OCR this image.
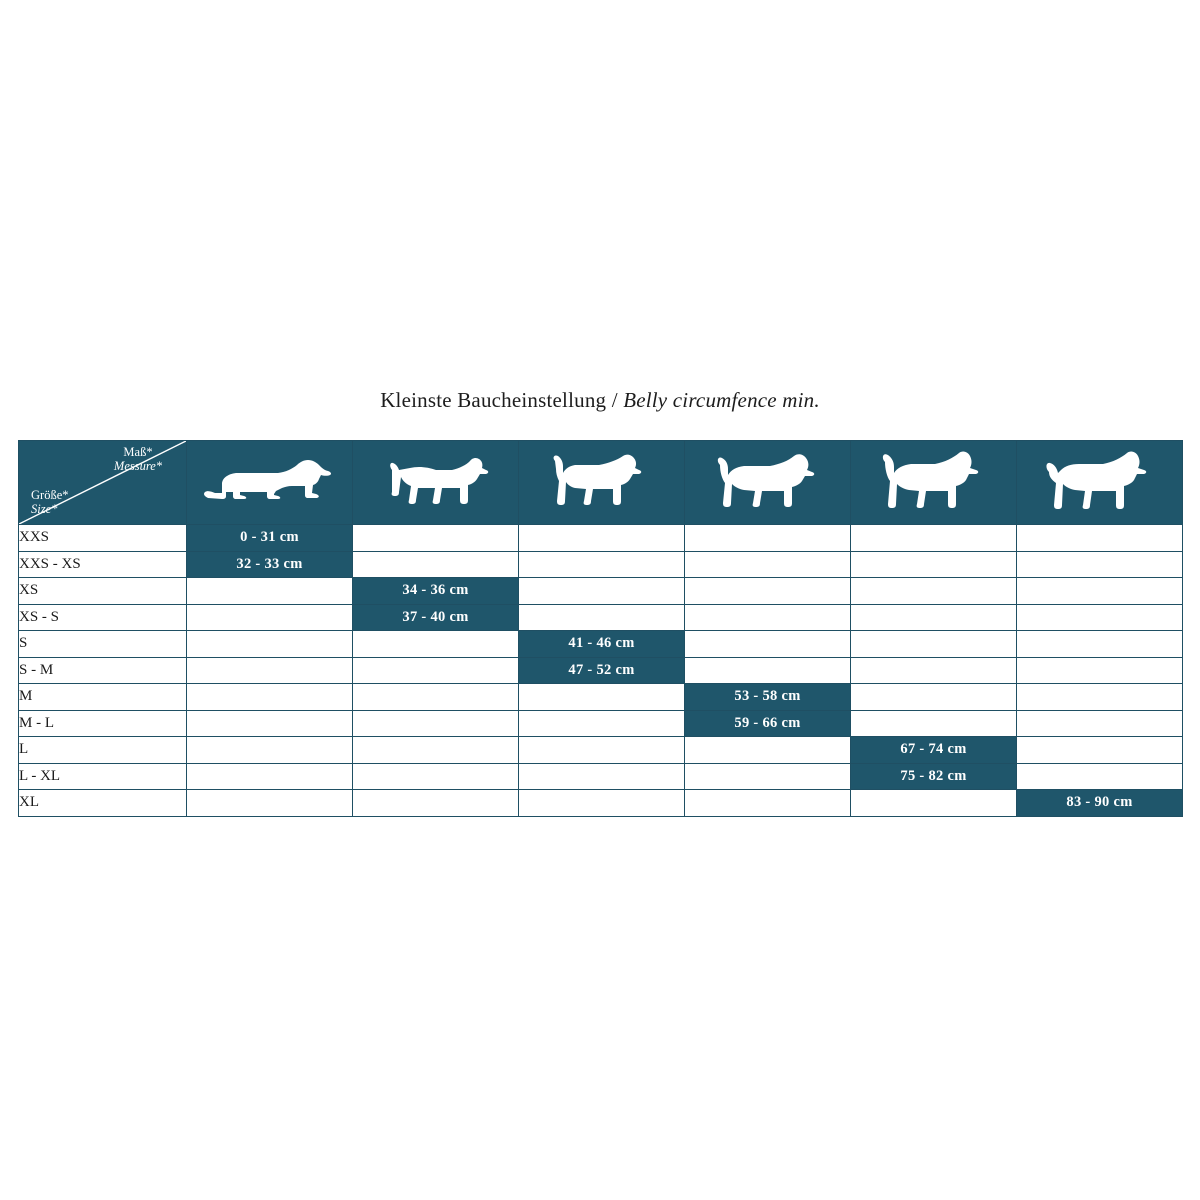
Kleinste Baucheinstellung / Belly circumfence min.
Maß*
Messure*
Größe*
Size*

XXS	0 - 31 cm					
XXS - XS	32 - 33 cm					
XS		34 - 36 cm				
XS - S		37 - 40 cm				
S			41 - 46 cm			
S - M			47 - 52 cm			
M				53 - 58 cm		
M - L				59 - 66 cm		
L					67 - 74 cm	
L - XL					75 - 82 cm	
XL						83 - 90 cm
